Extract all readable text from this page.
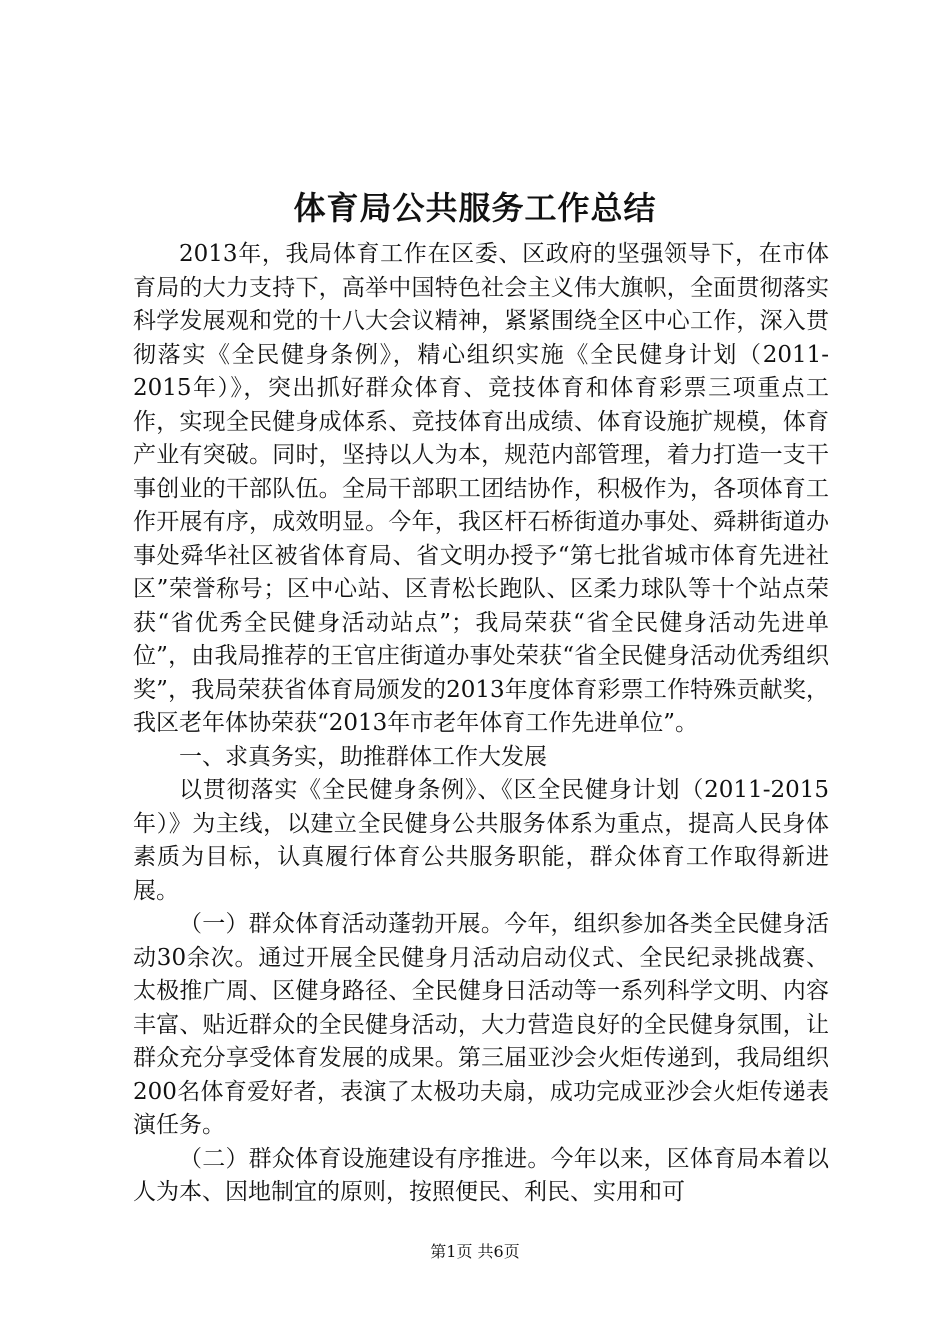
体育局公共服务工作总结

2013年，我局体育工作在区委、区政府的坚强领导下，在市体育局的大力支持下，高举中国特色社会主义伟大旗帜，全面贯彻落实科学发展观和党的十八大会议精神，紧紧围绕全区中心工作，深入贯彻落实《全民健身条例》，精心组织实施《全民健身计划（2011-2015年）》，突出抓好群众体育、竞技体育和体育彩票三项重点工作，实现全民健身成体系、竞技体育出成绩、体育设施扩规模，体育产业有突破。同时，坚持以人为本，规范内部管理，着力打造一支干事创业的干部队伍。全局干部职工团结协作，积极作为，各项体育工作开展有序，成效明显。今年，我区杆石桥街道办事处、舜耕街道办事处舜华社区被省体育局、省文明办授予“第七批省城市体育先进社区”荣誉称号；区中心站、区青松长跑队、区柔力球队等十个站点荣获“省优秀全民健身活动站点”；我局荣获“省全民健身活动先进单位”，由我局推荐的王官庄街道办事处荣获“省全民健身活动优秀组织奖”，我局荣获省体育局颁发的2013年度体育彩票工作特殊贡献奖，我区老年体协荣获“2013年市老年体育工作先进单位”。

一、求真务实，助推群体工作大发展

以贯彻落实《全民健身条例》、《区全民健身计划（2011-2015年）》为主线，以建立全民健身公共服务体系为重点，提高人民身体素质为目标，认真履行体育公共服务职能，群众体育工作取得新进展。

（一）群众体育活动蓬勃开展。今年，组织参加各类全民健身活动30余次。通过开展全民健身月活动启动仪式、全民纪录挑战赛、太极推广周、区健身路径、全民健身日活动等一系列科学文明、内容丰富、贴近群众的全民健身活动，大力营造良好的全民健身氛围，让群众充分享受体育发展的成果。第三届亚沙会火炬传递到，我局组织200名体育爱好者，表演了太极功夫扇，成功完成亚沙会火炬传递表演任务。

（二）群众体育设施建设有序推进。今年以来，区体育局本着以人为本、因地制宜的原则，按照便民、利民、实用和可

第1页 共6页
